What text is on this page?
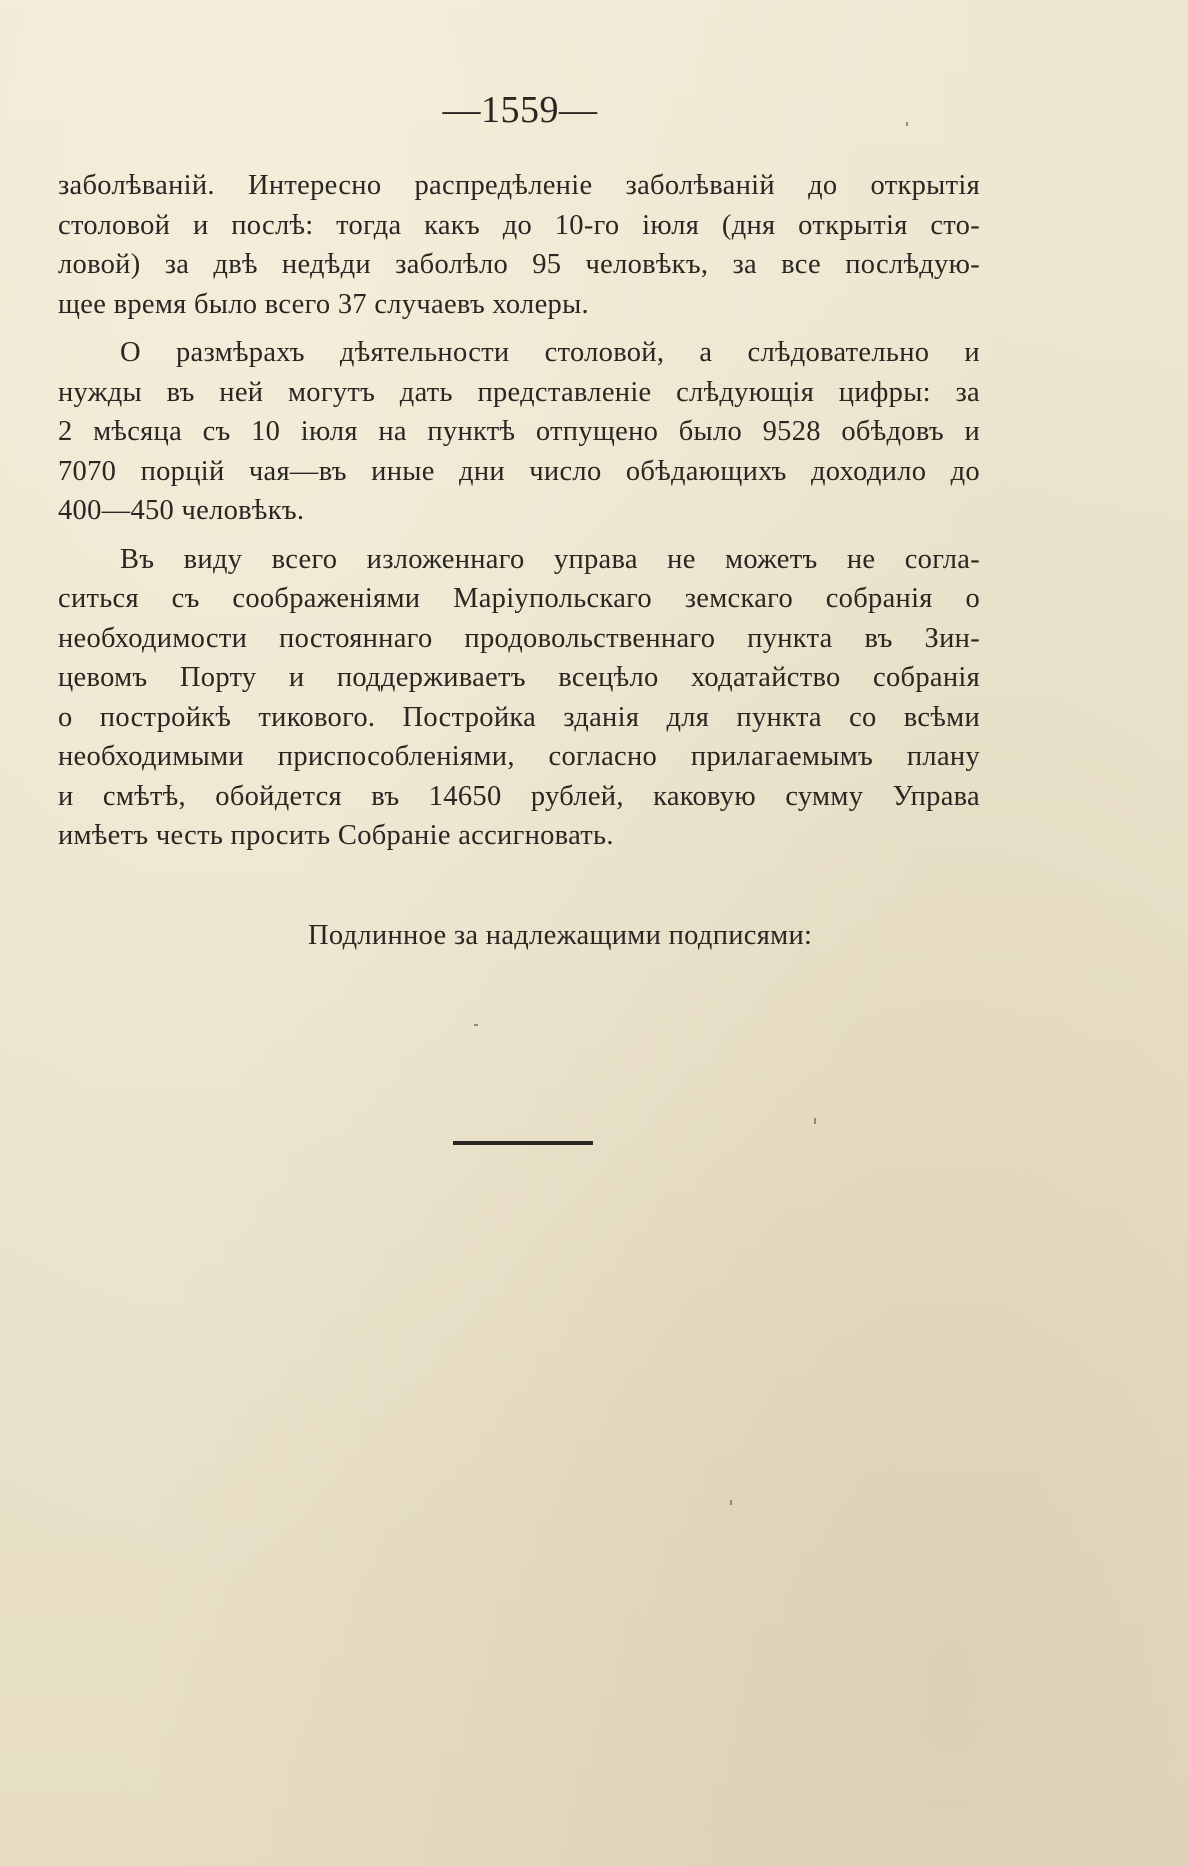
—1559—
заболѣваній. Интересно распредѣленіе заболѣваній до открытія
столовой и послѣ: тогда какъ до 10-го іюля (дня открытія сто-
ловой) за двѣ недѣди заболѣло 95 человѣкъ, за все послѣдую-
щее время было всего 37 случаевъ холеры.
О размѣрахъ дѣятельности столовой, а слѣдовательно и
нужды въ ней могутъ дать представленіе слѣдующія цифры: за
2 мѣсяца съ 10 іюля на пунктѣ отпущено было 9528 обѣдовъ и
7070 порцій чая—въ иные дни число обѣдающихъ доходило до
400—450 человѣкъ.
Въ виду всего изложеннаго управа не можетъ не согла-
ситься съ соображеніями Маріупольскаго земскаго собранія о
необходимости постояннаго продовольственнаго пункта въ Зин-
цевомъ Порту и поддерживаетъ всецѣло ходатайство собранія
о постройкѣ тикового. Постройка зданія для пункта со всѣми
необходимыми приспособленіями, согласно прилагаемымъ плану
и смѣтѣ, обойдется въ 14650 рублей, каковую сумму Управа
имѣетъ честь просить Собраніе ассигновать.
Подлинное за надлежащими подписями:
